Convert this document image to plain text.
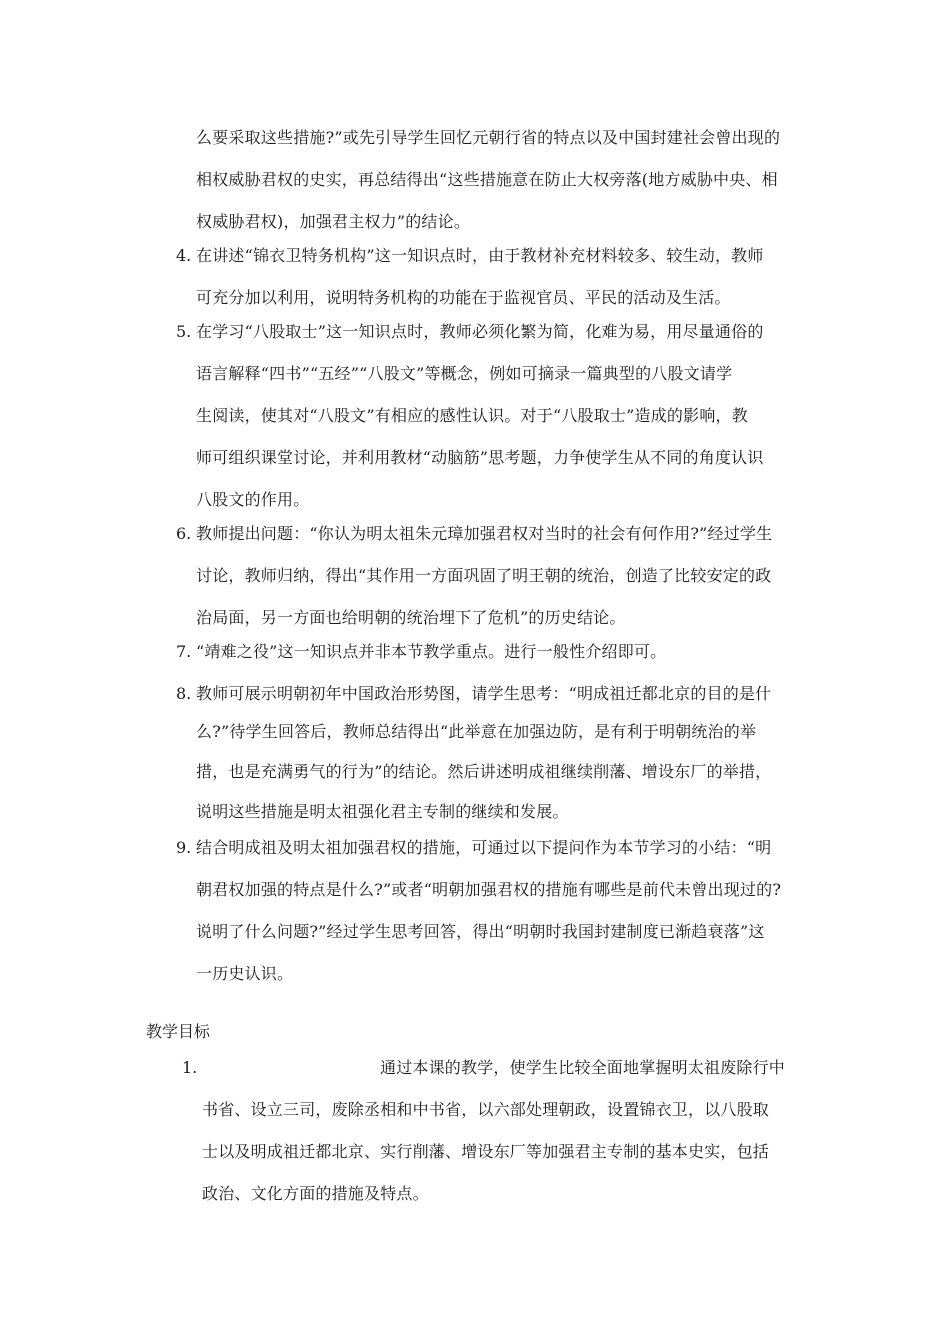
么要采取这些措施?”或先引导学生回忆元朝行省的特点以及中国封建社会曾出现的
相权威胁君权的史实，再总结得出“这些措施意在防止大权旁落(地方威胁中央、相
权威胁君权)，加强君主权力”的结论。
4. 在讲述“锦衣卫特务机构”这一知识点时，由于教材补充材料较多、较生动，教师
可充分加以利用，说明特务机构的功能在于监视官员、平民的活动及生活。
5. 在学习“八股取士”这一知识点时，教师必须化繁为简，化难为易，用尽量通俗的
语言解释“四书”“五经”“八股文”等概念，例如可摘录一篇典型的八股文请学
生阅读，使其对“八股文”有相应的感性认识。对于“八股取士”造成的影响，教
师可组织课堂讨论，并利用教材“动脑筋”思考题，力争使学生从不同的角度认识
八股文的作用。
6. 教师提出问题：“你认为明太祖朱元璋加强君权对当时的社会有何作用?”经过学生
讨论，教师归纳，得出“其作用一方面巩固了明王朝的统治，创造了比较安定的政
治局面，另一方面也给明朝的统治埋下了危机”的历史结论。
7. “靖难之役”这一知识点并非本节教学重点。进行一般性介绍即可。
8. 教师可展示明朝初年中国政治形势图，请学生思考：“明成祖迁都北京的目的是什
么?”待学生回答后，教师总结得出“此举意在加强边防，是有利于明朝统治的举
措，也是充满勇气的行为”的结论。然后讲述明成祖继续削藩、增设东厂的举措，
说明这些措施是明太祖强化君主专制的继续和发展。
9. 结合明成祖及明太祖加强君权的措施，可通过以下提问作为本节学习的小结：“明
朝君权加强的特点是什么?”或者“明朝加强君权的措施有哪些是前代未曾出现过的?
说明了什么问题?”经过学生思考回答，得出“明朝时我国封建制度已渐趋衰落”这
一历史认识。
教学目标
1.	通过本课的教学，使学生比较全面地掌握明太祖废除行中
书省、设立三司，废除丞相和中书省，以六部处理朝政，设置锦衣卫，以八股取
士以及明成祖迁都北京、实行削藩、增设东厂等加强君主专制的基本史实，包括
政治、文化方面的措施及特点。
